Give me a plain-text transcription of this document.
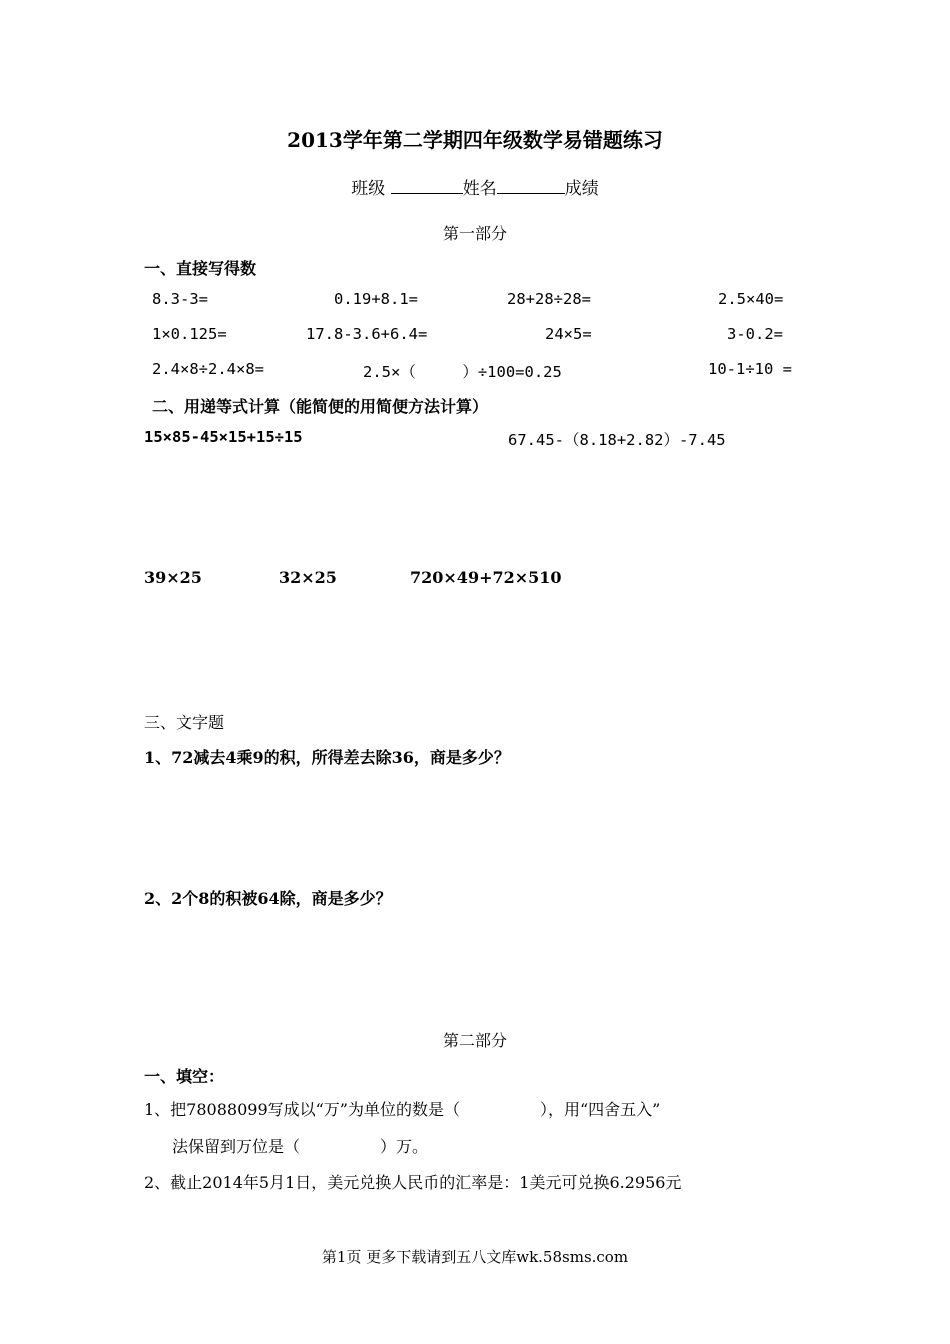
2013学年第二学期四年级数学易错题练习
班级	姓名	成绩
第一部分
一、直接写得数
8.3-3=	0.19+8.1=	28+28÷28=	2.5×40=
1×0.125=	17.8-3.6+6.4=	24×5=	3-0.2=
2.4×8÷2.4×8=	2.5×（　　　）÷100=0.25	10-1÷10 =
二、用递等式计算（能简便的用简便方法计算）
15×85-45×15+15÷15	67.45-（8.18+2.82）-7.45
39×25	32×25	720×49+72×510
三、文字题
1、72减去4乘9的积，所得差去除36，商是多少？
2、2个8的积被64除，商是多少？
第二部分
一、填空：
1、把78088099写成以“万”为单位的数是（　　　　　），用“四舍五入”
法保留到万位是（　　　　　）万。
2、截止2014年5月1日，美元兑换人民币的汇率是：1美元可兑换6.2956元
第1页 更多下载请到五八文库wk.58sms.com
